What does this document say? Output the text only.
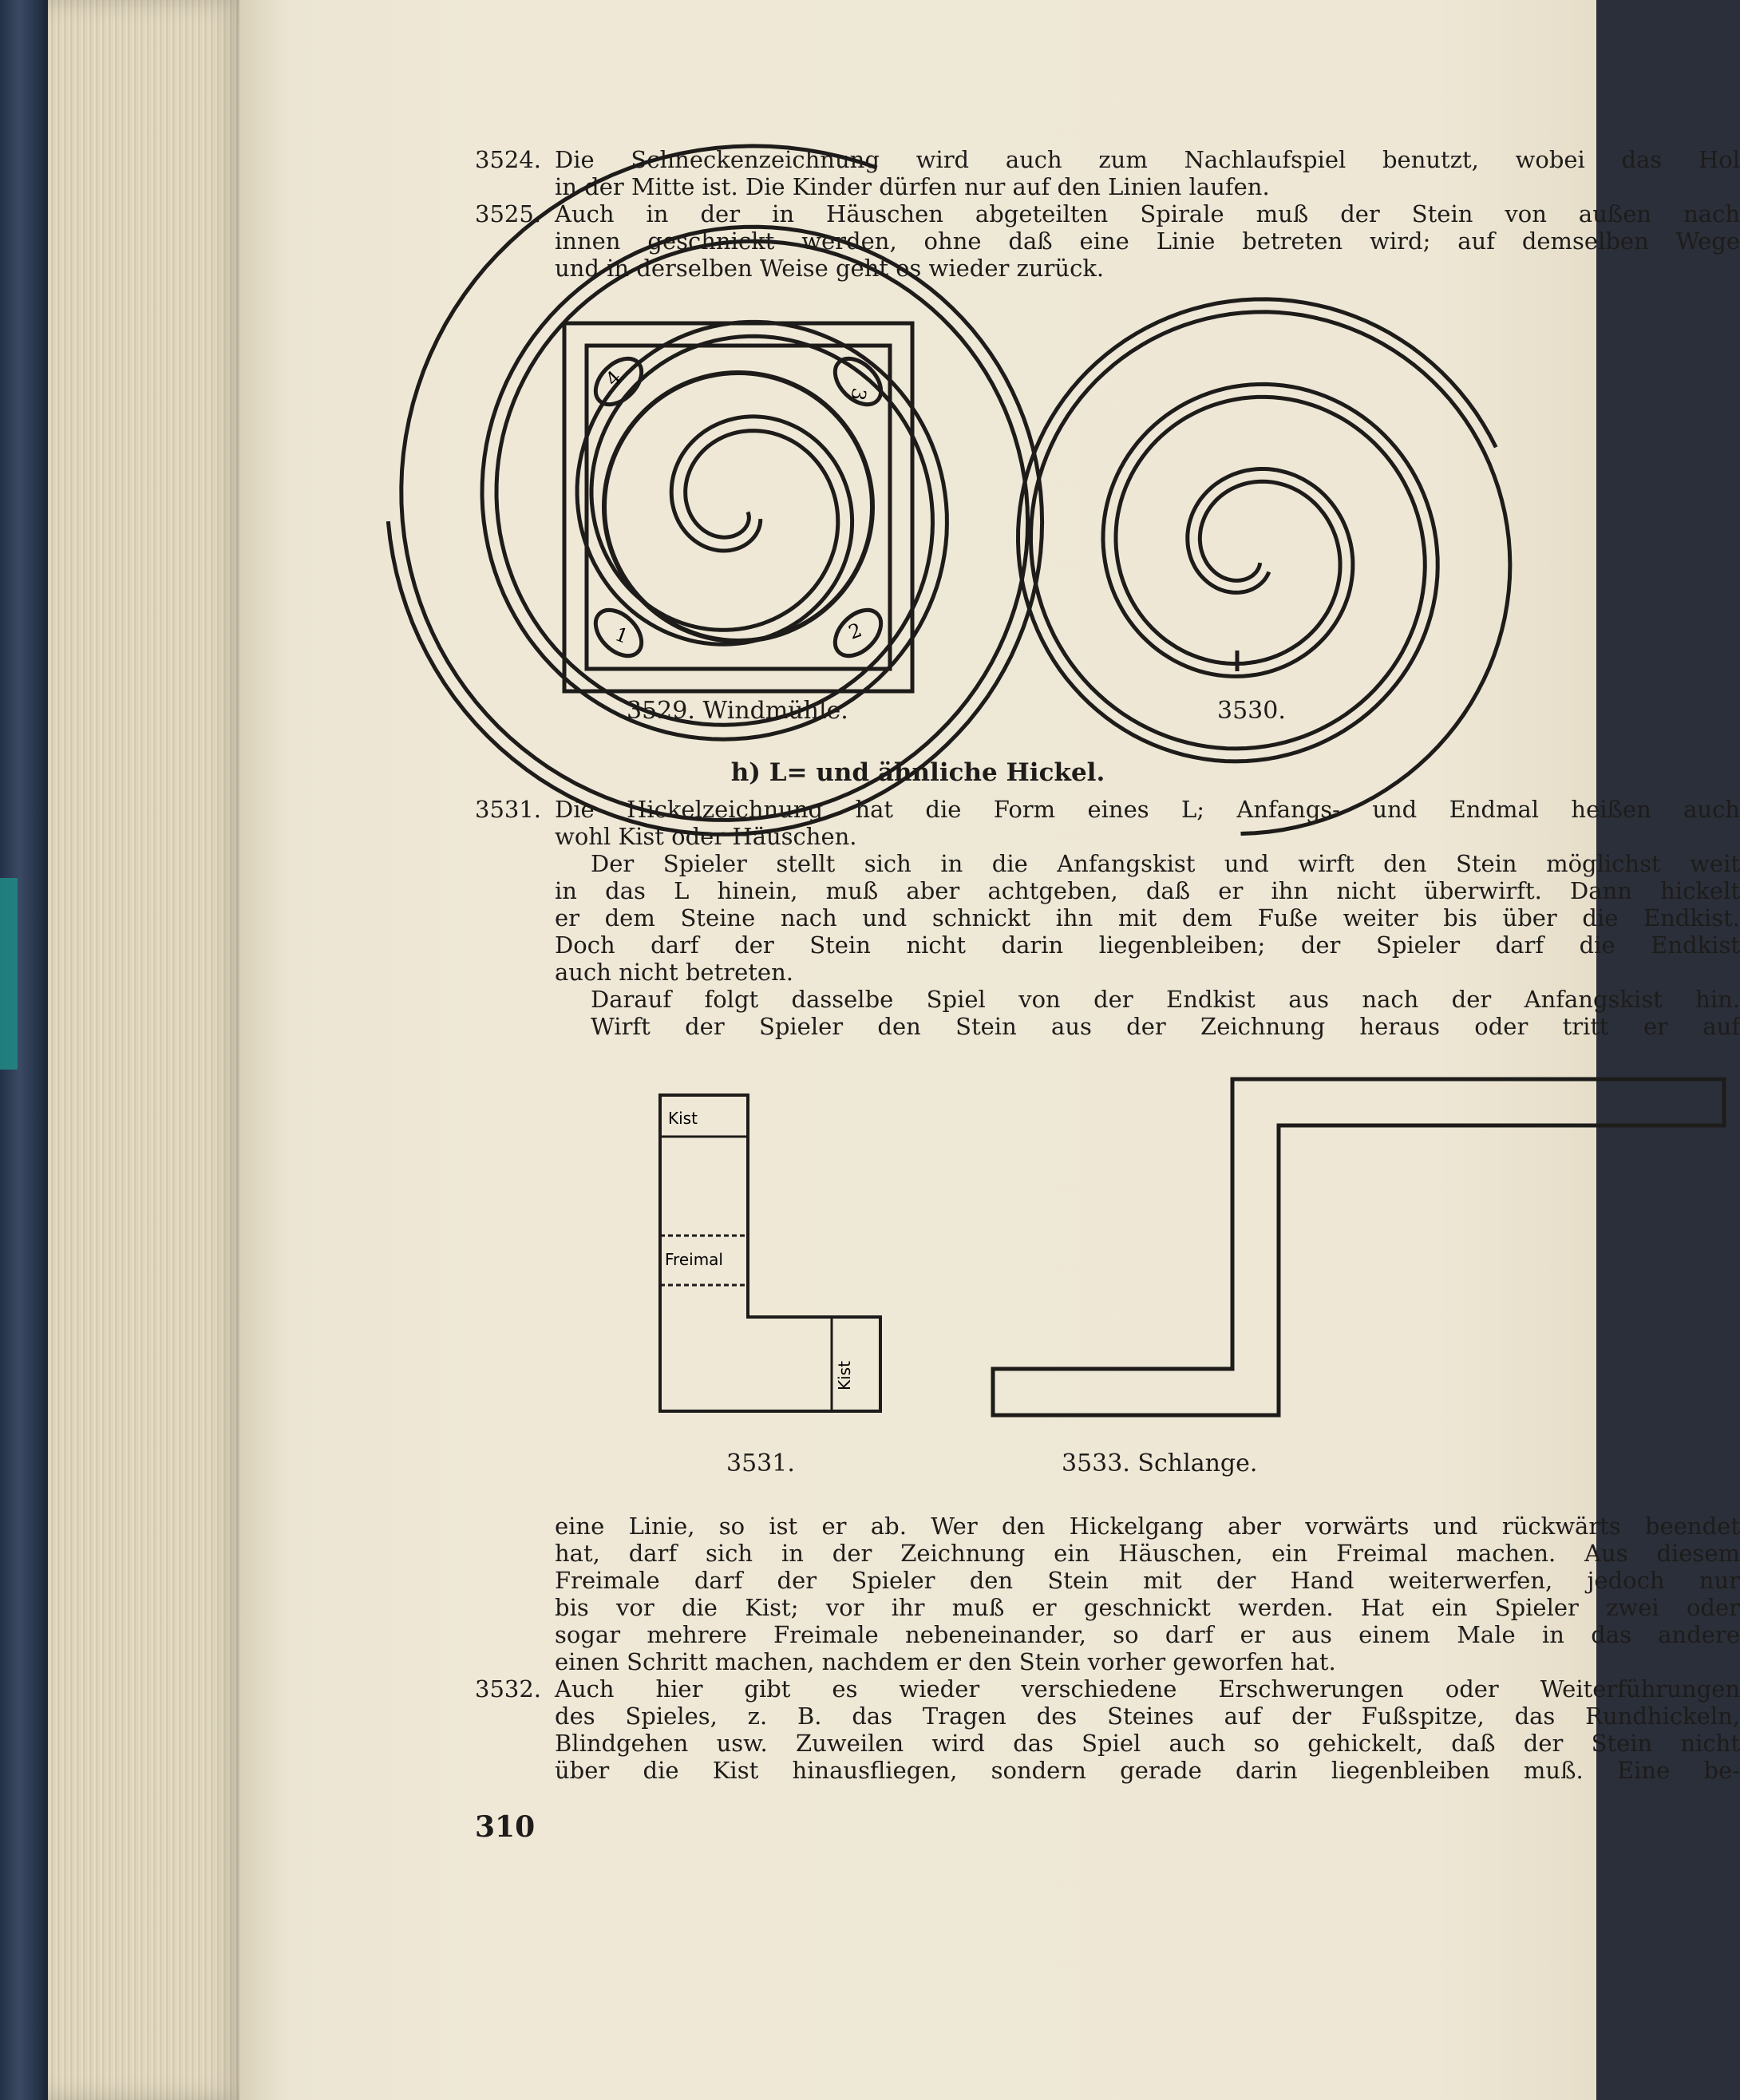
3524. Die Schneckenzeichnung wird auch zum Nachlaufspiel benutzt, wobei das Hol
in der Mitte ist. Die Kinder dürfen nur auf den Linien laufen.
3525. Auch in der in Häuschen abgeteilten Spirale muß der Stein von außen nach
innen geschnickt werden, ohne daß eine Linie betreten wird; auf demselben Wege
und in derselben Weise geht es wieder zurück.
4
3
1	2
3529. Windmühle.	3530.
h) L= und ähnliche Hickel.
3531. Die Hickelzeichnung hat die Form eines L; Anfangs- und Endmal heißen auch
wohl Kist oder Häuschen.
Der Spieler stellt sich in die Anfangskist und wirft den Stein möglichst weit
in das L hinein, muß aber achtgeben, daß er ihn nicht überwirft. Dann hickelt
er dem Steine nach und schnickt ihn mit dem Fuße weiter bis über die Endkist.
Doch darf der Stein nicht darin liegenbleiben; der Spieler darf die Endkist
auch nicht betreten.
Darauf folgt dasselbe Spiel von der Endkist aus nach der Anfangskist hin.
Wirft der Spieler den Stein aus der Zeichnung heraus oder tritt er auf
Kist
Freimal
Kist
3531.	3533. Schlange.
eine Linie, so ist er ab. Wer den Hickelgang aber vorwärts und rückwärts beendet
hat, darf sich in der Zeichnung ein Häuschen, ein Freimal machen. Aus diesem
Freimale darf der Spieler den Stein mit der Hand weiterwerfen, jedoch nur
bis vor die Kist; vor ihr muß er geschnickt werden. Hat ein Spieler zwei oder
sogar mehrere Freimale nebeneinander, so darf er aus einem Male in das andere
einen Schritt machen, nachdem er den Stein vorher geworfen hat.
3532. Auch hier gibt es wieder verschiedene Erschwerungen oder Weiterführungen
des Spieles, z. B. das Tragen des Steines auf der Fußspitze, das Rundhickeln,
Blindgehen usw. Zuweilen wird das Spiel auch so gehickelt, daß der Stein nicht
über die Kist hinausfliegen, sondern gerade darin liegenbleiben muß. Eine be-
310
